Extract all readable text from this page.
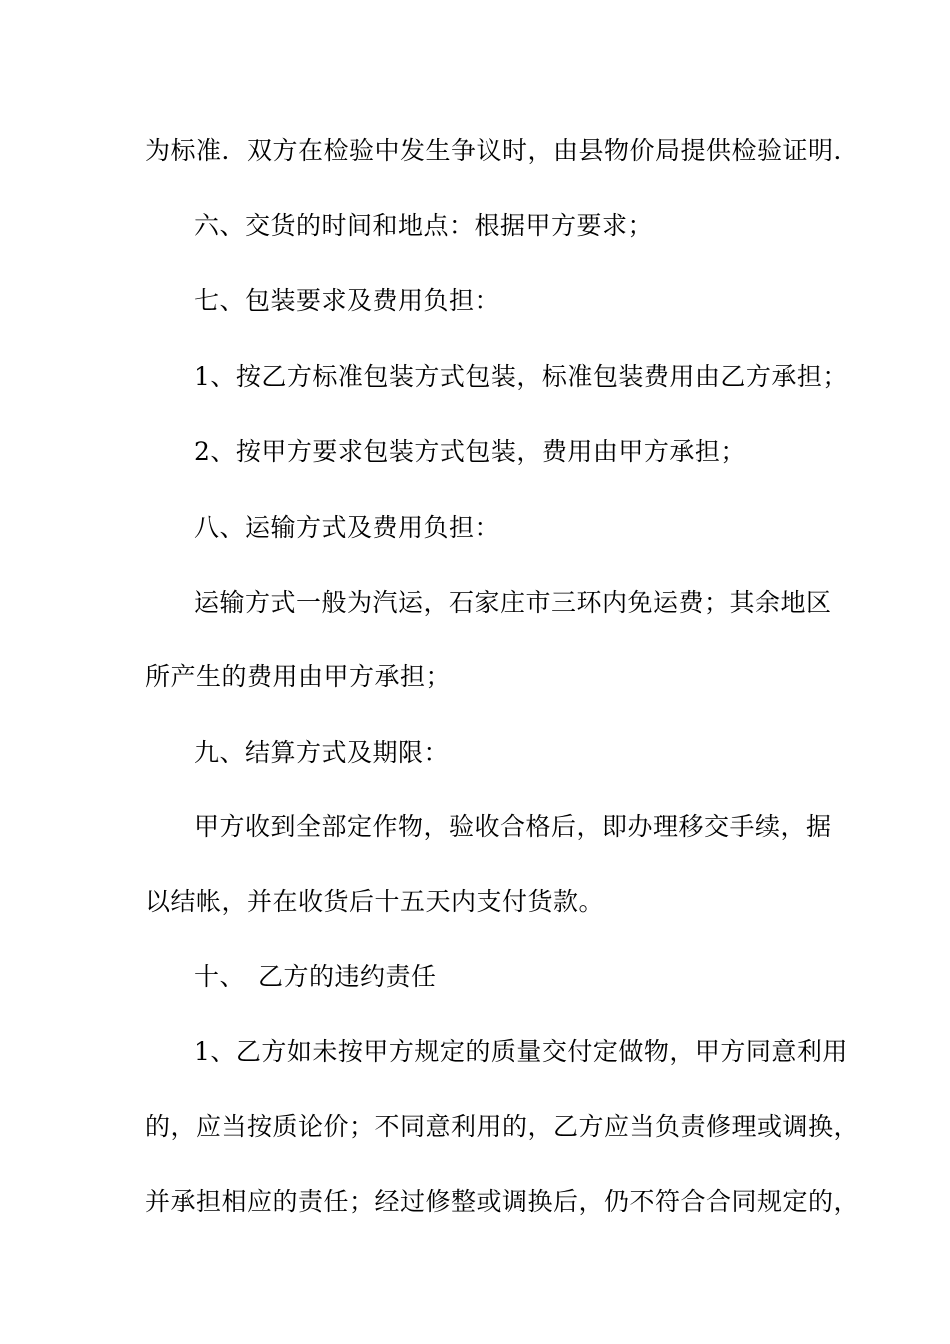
为标准．双方在检验中发生争议时，由县物价局提供检验证明．
六、交货的时间和地点：根据甲方要求；
七、包装要求及费用负担：
1、按乙方标准包装方式包装，标准包装费用由乙方承担；
2、按甲方要求包装方式包装，费用由甲方承担；
八、运输方式及费用负担：
运输方式一般为汽运，石家庄市三环内免运费；其余地区
所产生的费用由甲方承担；
九、结算方式及期限：
甲方收到全部定作物，验收合格后，即办理移交手续，据
以结帐，并在收货后十五天内支付货款。
十、　乙方的违约责任
1、乙方如未按甲方规定的质量交付定做物，甲方同意利用
的，应当按质论价；不同意利用的，乙方应当负责修理或调换，
并承担相应的责任；经过修整或调换后，仍不符合合同规定的，
